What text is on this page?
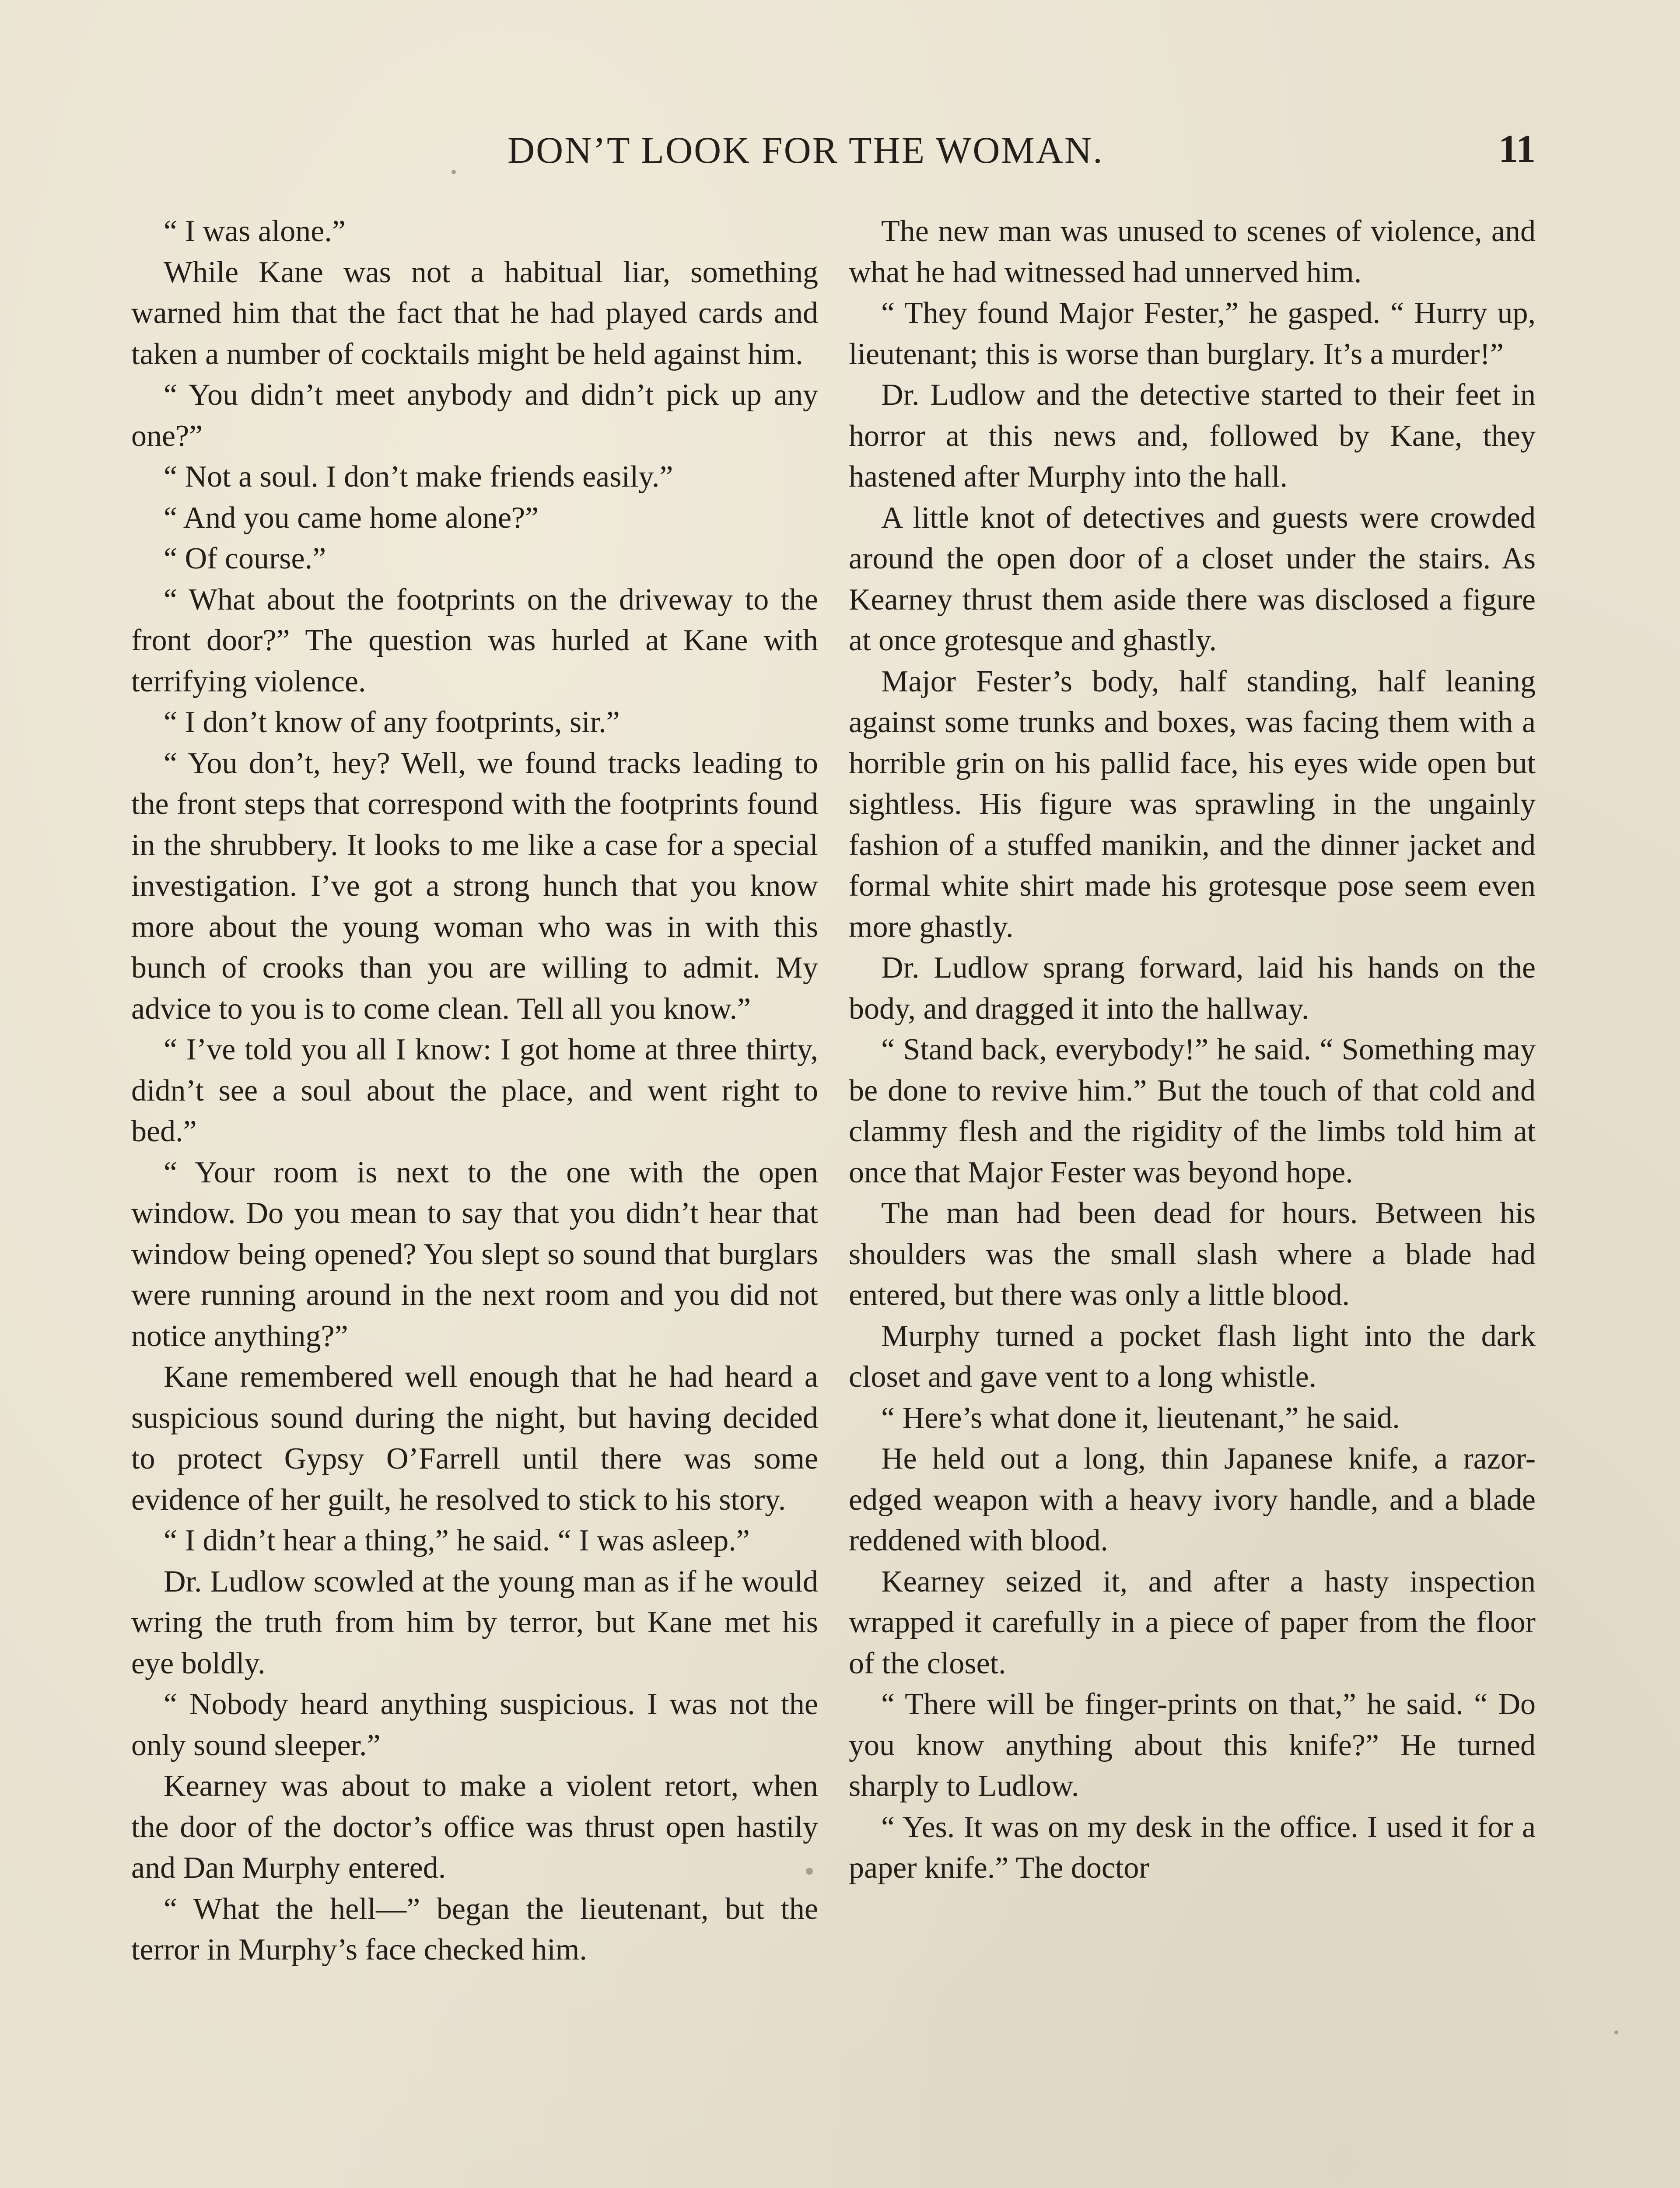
DON’T LOOK FOR THE WOMAN.	11

“ I was alone.”

While Kane was not a habitual liar, something warned him that the fact that he had played cards and taken a number of cocktails might be held against him.

“ You didn’t meet anybody and didn’t pick up any one?”

“ Not a soul. I don’t make friends easily.”

“ And you came home alone?”

“ Of course.”

“ What about the footprints on the driveway to the front door?” The question was hurled at Kane with terrifying violence.

“ I don’t know of any footprints, sir.”

“ You don’t, hey? Well, we found tracks leading to the front steps that correspond with the footprints found in the shrubbery. It looks to me like a case for a special investigation. I’ve got a strong hunch that you know more about the young woman who was in with this bunch of crooks than you are willing to admit. My advice to you is to come clean. Tell all you know.”

“ I’ve told you all I know: I got home at three thirty, didn’t see a soul about the place, and went right to bed.”

“ Your room is next to the one with the open window. Do you mean to say that you didn’t hear that window being opened? You slept so sound that burglars were running around in the next room and you did not notice anything?”

Kane remembered well enough that he had heard a suspicious sound during the night, but having decided to protect Gypsy O’Farrell until there was some evidence of her guilt, he resolved to stick to his story.

“ I didn’t hear a thing,” he said. “ I was asleep.”

Dr. Ludlow scowled at the young man as if he would wring the truth from him by terror, but Kane met his eye boldly.

“ Nobody heard anything suspicious. I was not the only sound sleeper.”

Kearney was about to make a violent retort, when the door of the doctor’s office was thrust open hastily and Dan Murphy entered.

“ What the hell—” began the lieutenant, but the terror in Murphy’s face checked him.

The new man was unused to scenes of violence, and what he had witnessed had unnerved him.

“ They found Major Fester,” he gasped. “ Hurry up, lieutenant; this is worse than burglary. It’s a murder!”

Dr. Ludlow and the detective started to their feet in horror at this news and, followed by Kane, they hastened after Murphy into the hall.

A little knot of detectives and guests were crowded around the open door of a closet under the stairs. As Kearney thrust them aside there was disclosed a figure at once grotesque and ghastly.

Major Fester’s body, half standing, half leaning against some trunks and boxes, was facing them with a horrible grin on his pallid face, his eyes wide open but sightless. His figure was sprawling in the ungainly fashion of a stuffed manikin, and the dinner jacket and formal white shirt made his grotesque pose seem even more ghastly.

Dr. Ludlow sprang forward, laid his hands on the body, and dragged it into the hallway.

“ Stand back, everybody!” he said. “ Something may be done to revive him.” But the touch of that cold and clammy flesh and the rigidity of the limbs told him at once that Major Fester was beyond hope.

The man had been dead for hours. Between his shoulders was the small slash where a blade had entered, but there was only a little blood.

Murphy turned a pocket flash light into the dark closet and gave vent to a long whistle.

“ Here’s what done it, lieutenant,” he said.

He held out a long, thin Japanese knife, a razor-edged weapon with a heavy ivory handle, and a blade reddened with blood.

Kearney seized it, and after a hasty inspection wrapped it carefully in a piece of paper from the floor of the closet.

“ There will be finger-prints on that,” he said. “ Do you know anything about this knife?” He turned sharply to Ludlow.

“ Yes. It was on my desk in the office. I used it for a paper knife.” The doctor
